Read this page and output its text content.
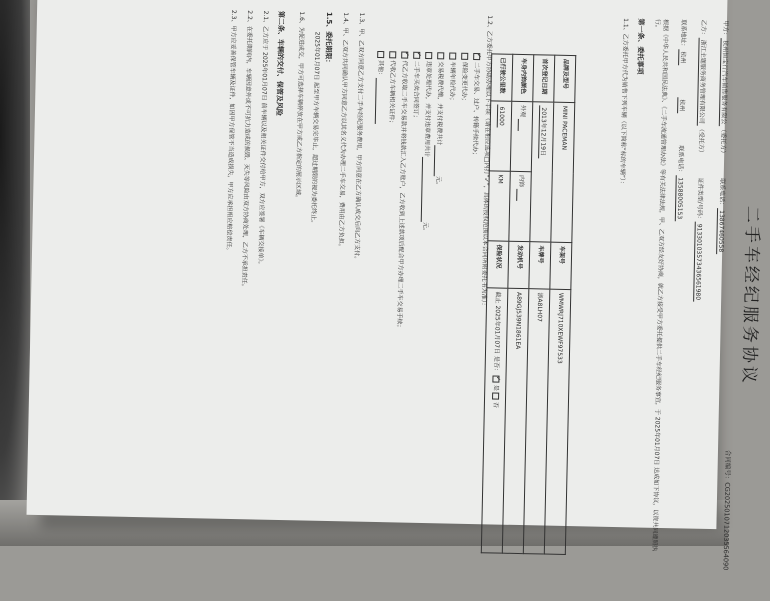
二手车经纪服务协议
合同编号：CG2025010712035564090
甲方：杭州恒宝行汽车销售服务有限公（委托方） 联系电话：13867460558
乙方：浙江主题服务商务管理有限公司（受托方） 证件类型/号码：91330103573436561980
联系地址：杭州 杭州 联系电话：13588005153
根据《中华人民共和国民法典》、《二手车流通管理办法》等有关法律法规，甲、乙双方经友好协商，就乙方接受甲方委托提供二手车经纪服务事宜，于 2025年01月07日 达成如下协议，以资共同遵照执行。
第一条、委托事项
1.1、乙方委托甲方代为销售下列车辆（以下简称“标的车辆”）：
品牌及型号	MINI PACEMAN		车架号	WMWRJ710XEWF97533
首次登记日期	2013年12月19日		车牌号	浙A8LH07
车身内饰颜色	外观	内饰	发动机号	A89GJ539N1861EA
已行驶公里数	61000	KM	保险状况	截止 2025年01月07日 是否： ✓是 否
1.2、乙方委托甲方协助办理以下手续（请在相应选项□内打“✓”，具体的授权范围以本合同所附委托书为准）：
✓二手车交易、过户、转籍手续代办；
保险变更代办；
车辆年检代办；
交易税费代缴，并支付税费共计              元。
违章处理代办，并支付违章费用共计                                元。
✓二手车买卖合同签订；
✓代乙方收取二手车交易款并将钱款汇入乙方账户，乙方收到上述款项后配合甲方办理二手车交易手续；
代收乙方车辆相关证件；
其他：
1.3、甲、乙双方同意乙方支付二手车经纪服务费用，甲方同意在乙方确认成交后向乙方支付。
1.4、甲、乙双方共同确认甲方同意乙方以其名义代为办理二手车交易，费用由乙方负担。
1.5、委托期限：
2025年01月07日 起至甲方车辆交易完毕止，超过期限的视为委托终止。
1.6、为促进成交，甲方可选择车辆停放在甲方或乙方指定的展示区域。
第二条、车辆的交付、保管及风险
2.1、乙方应于 2025年01月07日 前车辆以及相关证件交付给甲方，双方应签署《车辆交接单》。
2.2、在委托期间内，车辆因意外或不可抗力造成的损毁、灭失等风险由双方协商处理，乙方不承担责任。
2.3、甲方应妥善保管车辆及证件，如因甲方保管不当造成损失，甲方应承担相应赔偿责任。
